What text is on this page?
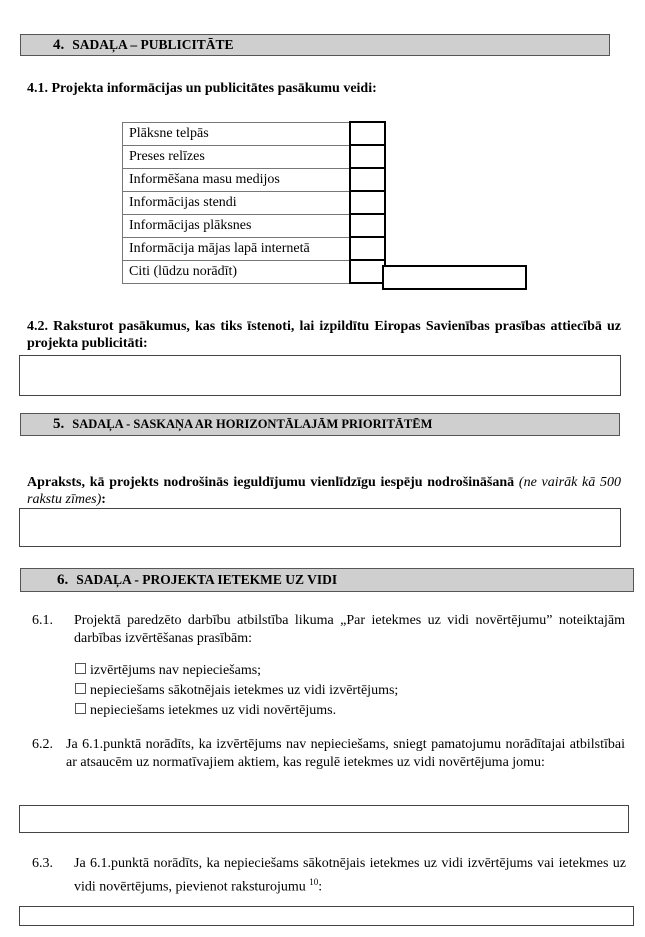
4. SADAĻA – PUBLICITĀTE
4.1. Projekta informācijas un publicitātes pasākumu veidi:
Plāksne telpās	
Preses relīzes	
Informēšana masu medijos	
Informācijas stendi	
Informācijas plāksnes	
Informācija mājas lapā internetā	
Citi (lūdzu norādīt)	
4.2. Raksturot pasākumus, kas tiks īstenoti, lai izpildītu Eiropas Savienības prasības attiecībā uz projekta publicitāti:
5. SADAĻA - SASKAŅA AR HORIZONTĀLAJĀM PRIORITĀTĒM
Apraksts, kā projekts nodrošinās ieguldījumu vienlīdzīgu iespēju nodrošināšanā (ne vairāk kā 500 rakstu zīmes):
6. SADAĻA - PROJEKTA IETEKME UZ VIDI
6.1. Projektā paredzēto darbību atbilstība likuma „Par ietekmes uz vidi novērtējumu” noteiktajām darbības izvērtēšanas prasībām:
izvērtējums nav nepieciešams;
nepieciešams sākotnējais ietekmes uz vidi izvērtējums;
nepieciešams ietekmes uz vidi novērtējums.
6.2. Ja 6.1.punktā norādīts, ka izvērtējums nav nepieciešams, sniegt pamatojumu norādītajai atbilstībai ar atsaucēm uz normatīvajiem aktiem, kas regulē ietekmes uz vidi novērtējuma jomu:
6.3. Ja 6.1.punktā norādīts, ka nepieciešams sākotnējais ietekmes uz vidi izvērtējums vai ietekmes uz vidi novērtējums, pievienot raksturojumu $^{10}$:
